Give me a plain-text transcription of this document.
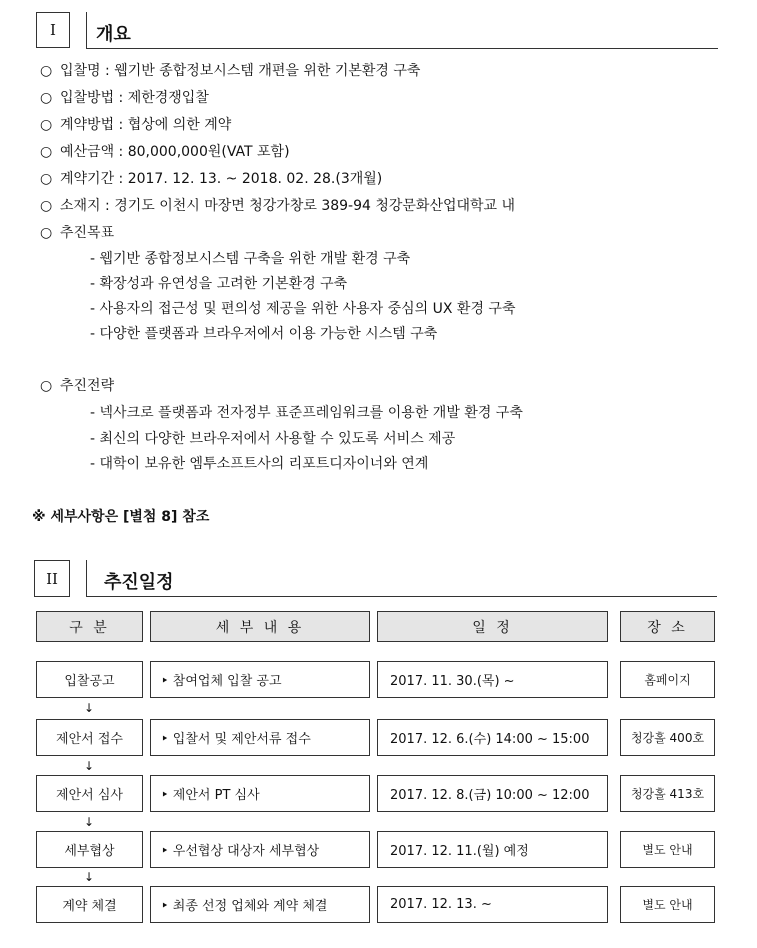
I 개요
○ 입찰명 : 웹기반 종합정보시스템 개편을 위한 기본환경 구축
○ 입찰방법 : 제한경쟁입찰
○ 계약방법 : 협상에 의한 계약
○ 예산금액 : 80,000,000원(VAT 포함)
○ 계약기간 : 2017. 12. 13. ~ 2018. 02. 28.(3개월)
○ 소재지 : 경기도 이천시 마장면 청강가창로 389-94 청강문화산업대학교 내
○ 추진목표
- 웹기반 종합정보시스템 구축을 위한 개발 환경 구축
- 확장성과 유연성을 고려한 기본환경 구축
- 사용자의 접근성 및 편의성 제공을 위한 사용자 중심의 UX 환경 구축
- 다양한 플랫폼과 브라우저에서 이용 가능한 시스템 구축
○ 추진전략
- 넥사크로 플랫폼과 전자정부 표준프레임워크를 이용한 개발 환경 구축
- 최신의 다양한 브라우저에서 사용할 수 있도록 서비스 제공
- 대학이 보유한 엠투소프트사의 리포트디자이너와 연계
※ 세부사항은 [별첨 8] 참조
II	추진일정
구 분	세 부 내 용	일 정	장 소
입찰공고	‣ 참여업체 입찰 공고	2017. 11. 30.(목) ~	홈페이지
↓
제안서 접수	‣ 입찰서 및 제안서류 접수	2017. 12. 6.(수) 14:00 ~ 15:00	청강홀 400호
↓
제안서 심사	‣ 제안서 PT 심사	2017. 12. 8.(금) 10:00 ~ 12:00	청강홀 413호
↓
세부협상	‣ 우선협상 대상자 세부협상	2017. 12. 11.(월) 예정	별도 안내
↓
계약 체결	‣ 최종 선정 업체와 계약 체결	2017. 12. 13. ~	별도 안내
